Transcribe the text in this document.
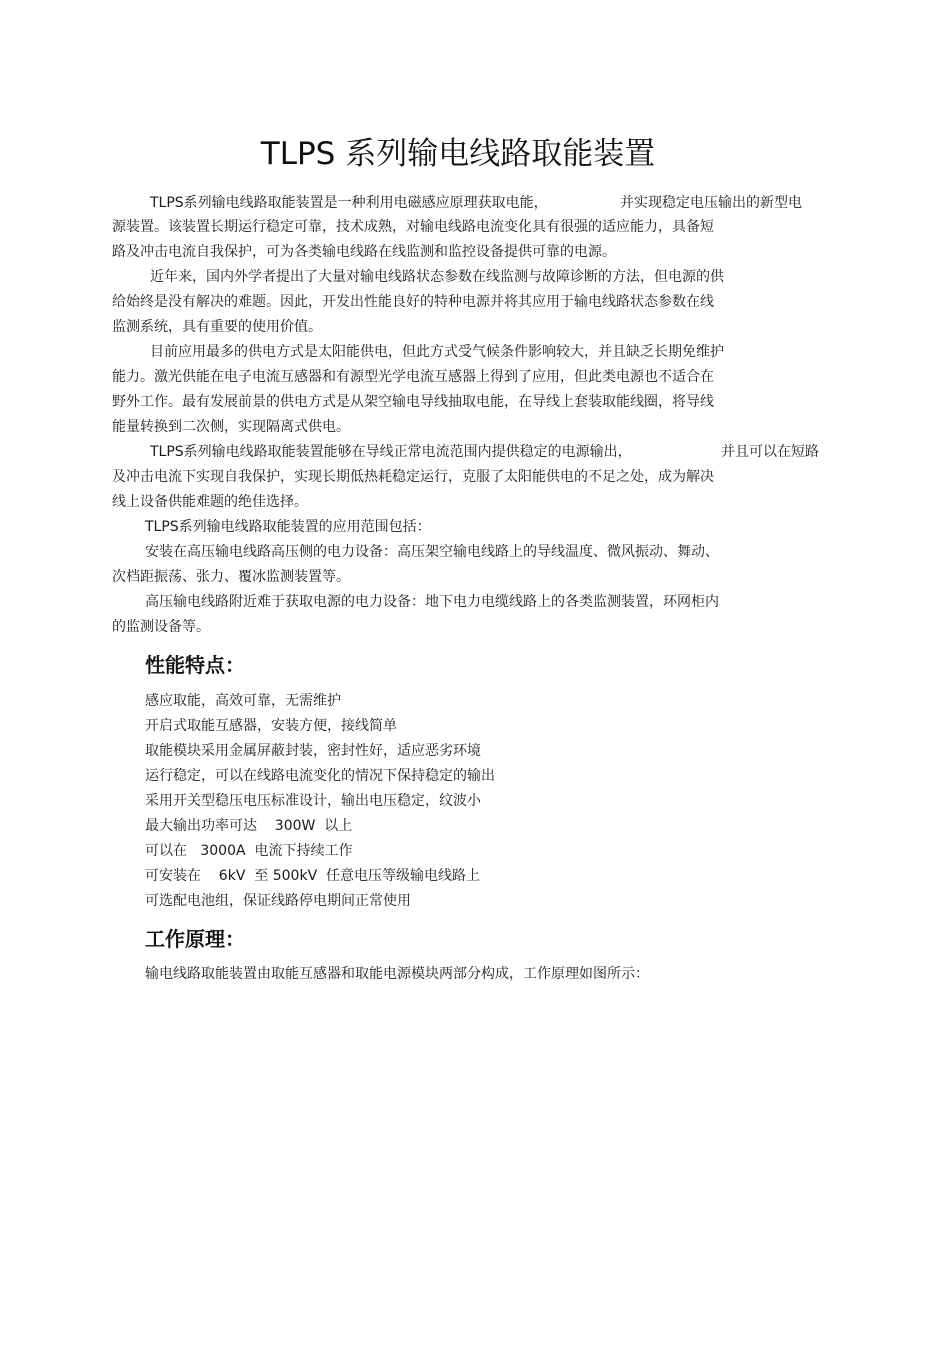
TLPS 系列输电线路取能装置

TLPS系列输电线路取能装置是一种利用电磁感应原理获取电能，	并实现稳定电压输出的新型电

源装置。该装置长期运行稳定可靠，技术成熟，对输电线路电流变化具有很强的适应能力，具备短

路及冲击电流自我保护，可为各类输电线路在线监测和监控设备提供可靠的电源。

近年来，国内外学者提出了大量对输电线路状态参数在线监测与故障诊断的方法，但电源的供

给始终是没有解决的难题。因此，开发出性能良好的特种电源并将其应用于输电线路状态参数在线

监测系统，具有重要的使用价值。

目前应用最多的供电方式是太阳能供电，但此方式受气候条件影响较大，并且缺乏长期免维护

能力。激光供能在电子电流互感器和有源型光学电流互感器上得到了应用，但此类电源也不适合在

野外工作。最有发展前景的供电方式是从架空输电导线抽取电能，在导线上套装取能线圈，将导线

能量转换到二次侧，实现隔离式供电。

TLPS系列输电线路取能装置能够在导线正常电流范围内提供稳定的电源输出，	并且可以在短路

及冲击电流下实现自我保护，实现长期低热耗稳定运行，克服了太阳能供电的不足之处，成为解决

线上设备供能难题的绝佳选择。

TLPS系列输电线路取能装置的应用范围包括：

安装在高压输电线路高压侧的电力设备：高压架空输电线路上的导线温度、微风振动、舞动、

次档距振荡、张力、覆冰监测装置等。

高压输电线路附近难于获取电源的电力设备：地下电力电缆线路上的各类监测装置，环网柜内

的监测设备等。

性能特点：

感应取能，高效可靠，无需维护

开启式取能互感器，安装方便，接线简单

取能模块采用金属屏蔽封装，密封性好，适应恶劣环境

运行稳定，可以在线路电流变化的情况下保持稳定的输出

采用开关型稳压电压标准设计，输出电压稳定，纹波小

最大输出功率可达    300W  以上

可以在   3000A  电流下持续工作

可安装在    6kV  至 500kV  任意电压等级输电线路上

可选配电池组，保证线路停电期间正常使用

工作原理：

输电线路取能装置由取能互感器和取能电源模块两部分构成，工作原理如图所示：
